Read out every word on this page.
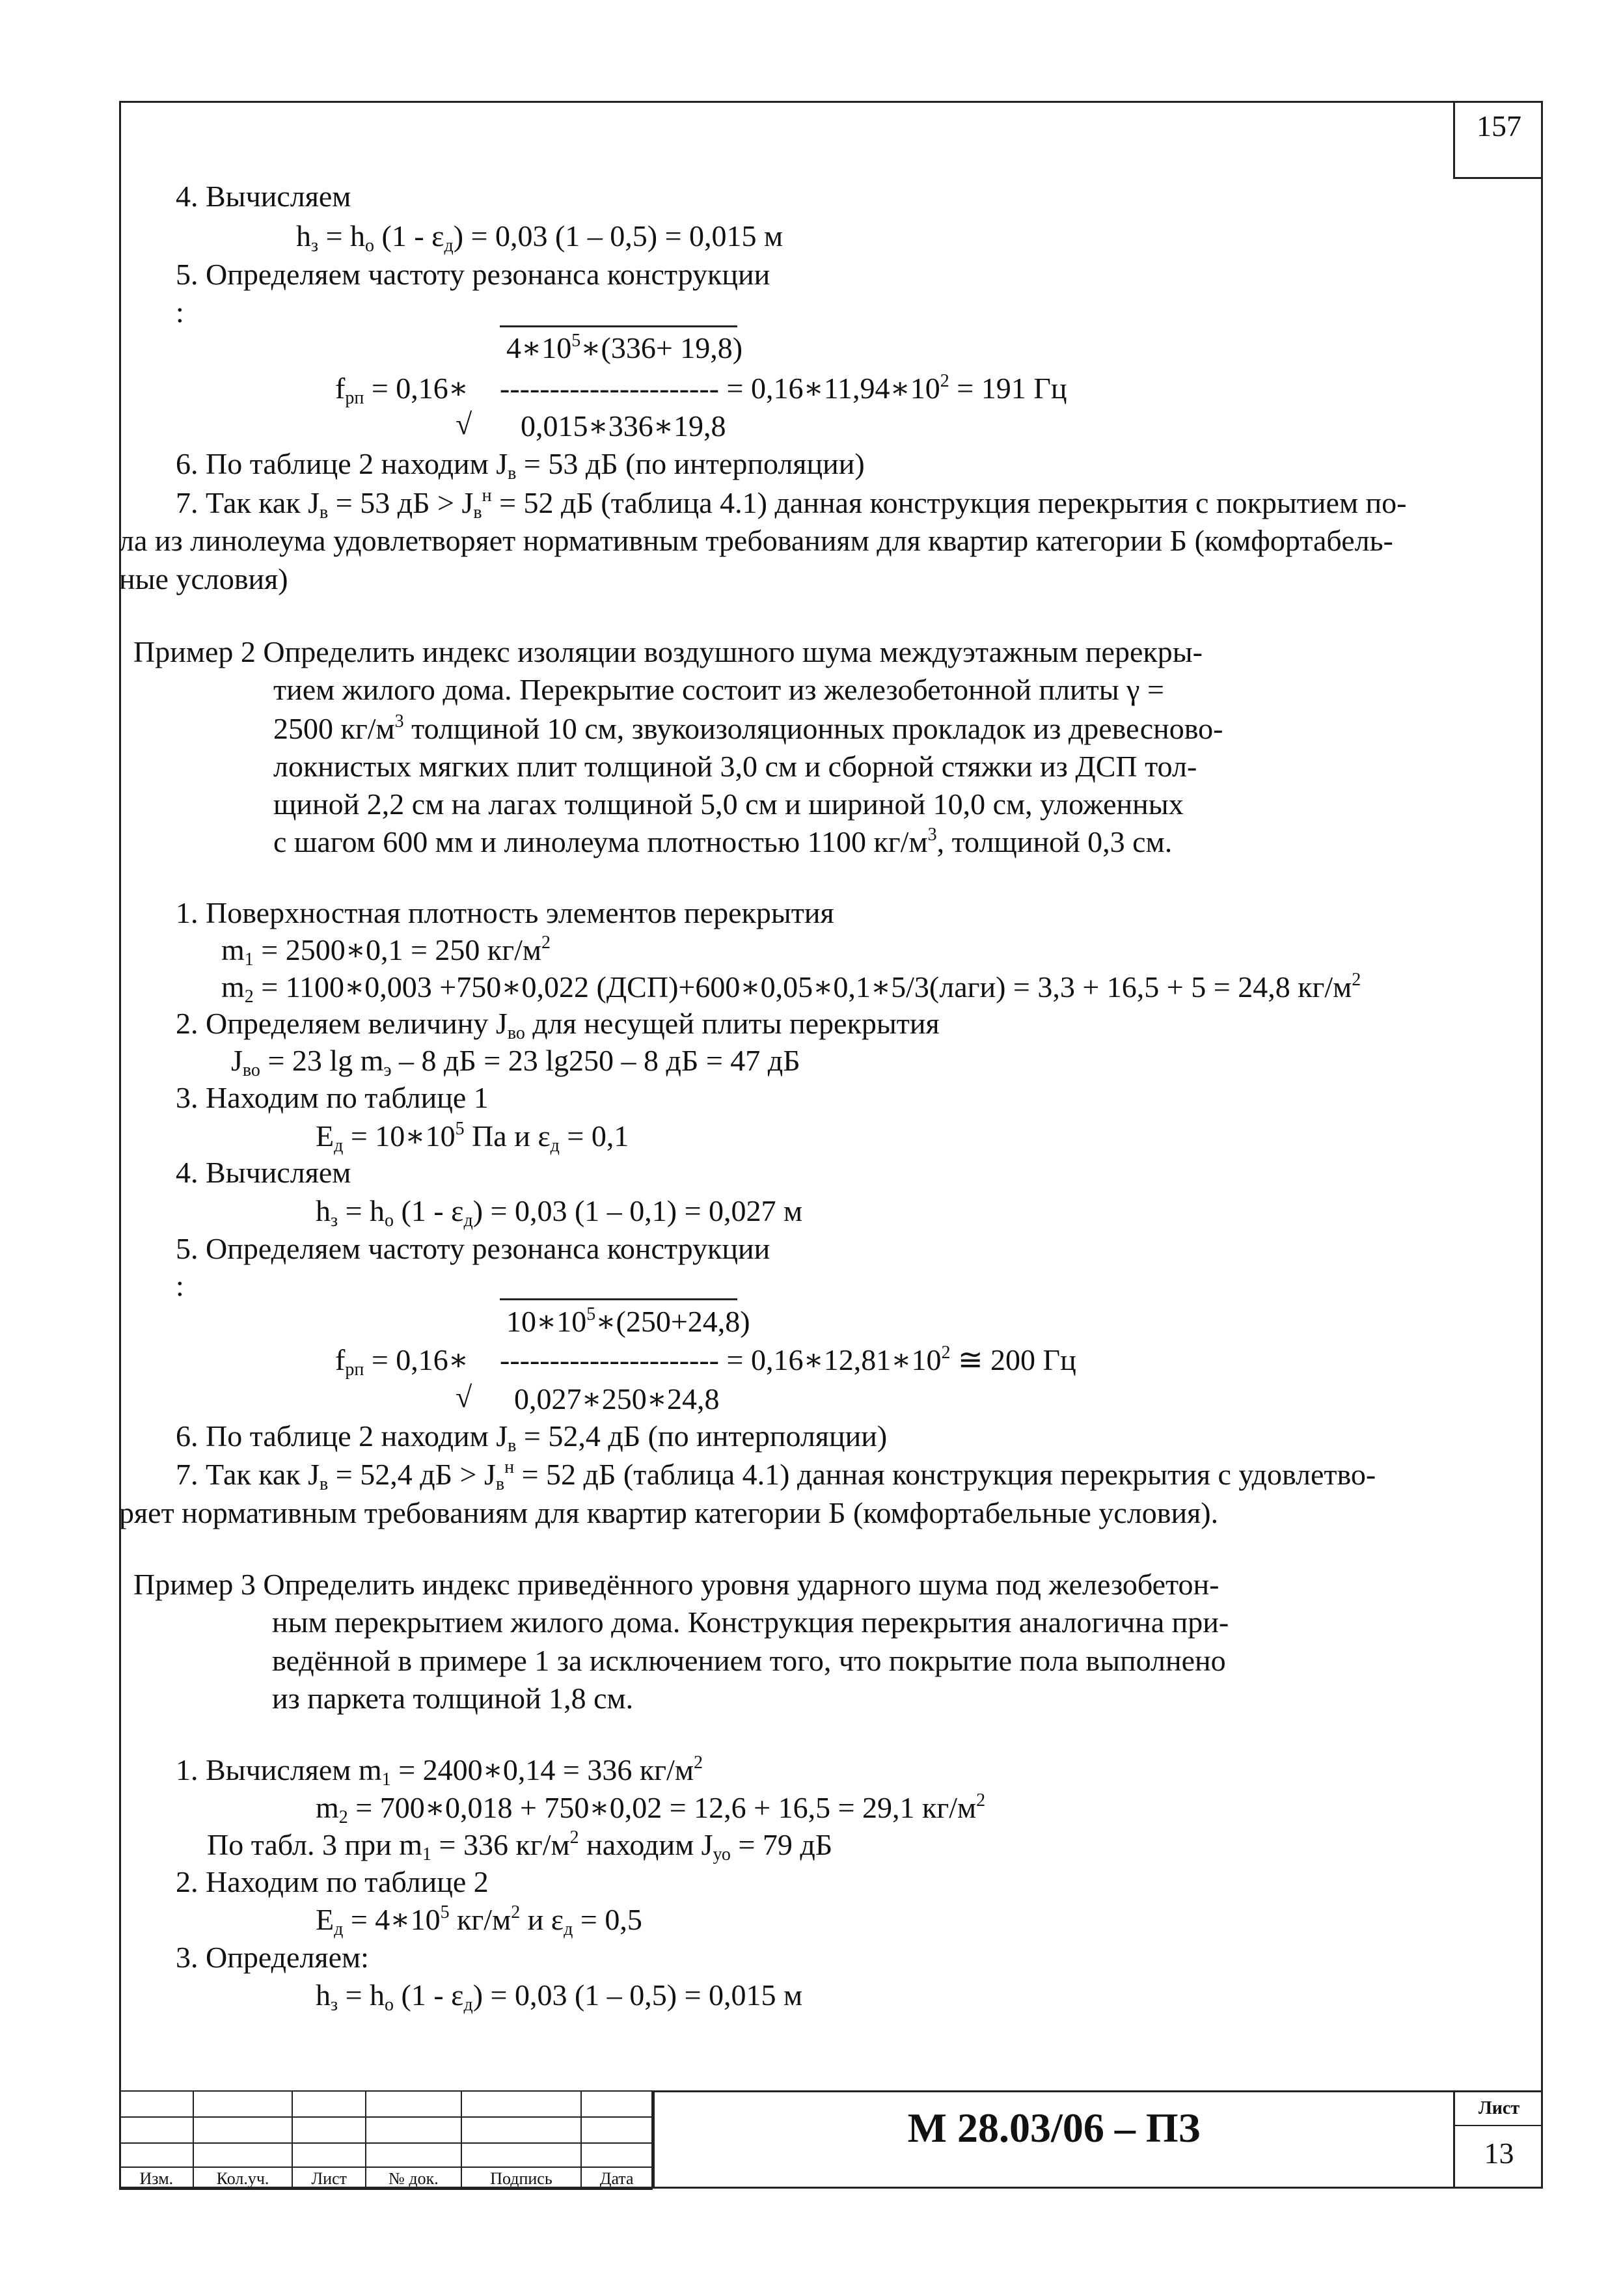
157
4. Вычисляем
$h_з = h_о$ $(1 - \varepsilon_д) = 0,03$ (1 – 0,5) = 0,015 м
5. Определяем частоту резонанса конструкции
:
$4∗10^5∗(336+ 19,8)$
$f_{рп}$ = 0,16∗ ---------------------- = $0,16∗11,94∗10^2 = 191$ Гц
√ 0,015∗336∗19,8
6. По таблице 2 находим $J_в = 53$ дБ (по интерполяции)
7. Так как $J_в = 53$ дБ > $J_в^н = 52$ дБ (таблица 4.1) данная конструкция перекрытия с покрытием по-
ла из линолеума удовлетворяет нормативным требованиям для квартир категории Б (комфортабель-
ные условия)
Пример 2 Определить индекс изоляции воздушного шума междуэтажным перекры-
тием жилого дома. Перекрытие состоит из железобетонной плиты γ =
2500 $кг/м^3$ толщиной 10 см, звукоизоляционных прокладок из древесново-
локнистых мягких плит толщиной 3,0 см и сборной стяжки из ДСП тол-
щиной 2,2 см на лагах толщиной 5,0 см и шириной 10,0 см, уложенных
с шагом 600 мм и линолеума плотностью 1100 $кг/м^3$, толщиной 0,3 см.
1. Поверхностная плотность элементов перекрытия
$m_1$ = 2500∗0,1 = 250 $кг/м^2$
$m_2$ = 1100∗0,003 +750∗0,022 (ДСП)+600∗0,05∗0,1∗5/3(лаги) = 3,3 + 16,5 + 5 = 24,8 $кг/м^2$
2. Определяем величину $J_{во}$ для несущей плиты перекрытия
$J_{во} = 23$ $\lg m_э - 8$ дБ = 23 lg250 – 8 дБ = 47 дБ
3. Находим по таблице 1
$E_д$ = $10∗10^5$ Па и $\varepsilon_д = 0,1$
4. Вычисляем
$h_з = h_о$ $(1 - \varepsilon_д) = 0,03$ (1 – 0,1) = 0,027 м
5. Определяем частоту резонанса конструкции
:
$10∗10^5∗(250+24,8)$
$f_{рп}$ = 0,16∗ ---------------------- = $0,16∗12,81∗10^2$ ≅ 200 Гц
√ 0,027∗250∗24,8
6. По таблице 2 находим $J_в = 52,4$ дБ (по интерполяции)
7. Так как $J_в = 52,4$ дБ > $J_в^н = 52$ дБ (таблица 4.1) данная конструкция перекрытия с удовлетво-
ряет нормативным требованиям для квартир категории Б (комфортабельные условия).
Пример 3 Определить индекс приведённого уровня ударного шума под железобетон-
ным перекрытием жилого дома. Конструкция перекрытия аналогична при-
ведённой в примере 1 за исключением того, что покрытие пола выполнено
из паркета толщиной 1,8 см.
1. Вычисляем $m_1$ = 2400∗0,14 = 336 $кг/м^2$
$m_2$ = 700∗0,018 + 750∗0,02 = 12,6 + 16,5 = 29,1 $кг/м^2$
По табл. 3 при $m_1 = 336$ $кг/м^2$ находим $J_{уо} = 79$ дБ
2. Находим по таблице 2
$E_д$ = $4∗10^5$ $кг/м^2$ и $\varepsilon_д = 0,5$
3. Определяем:
$h_з = h_о$ $(1 - \varepsilon_д) = 0,03$ (1 – 0,5) = 0,015 м

Изм.	Кол.уч.	Лист	№ док.	Подпись	Дата
М 28.03/06 – ПЗ	Лист
13
